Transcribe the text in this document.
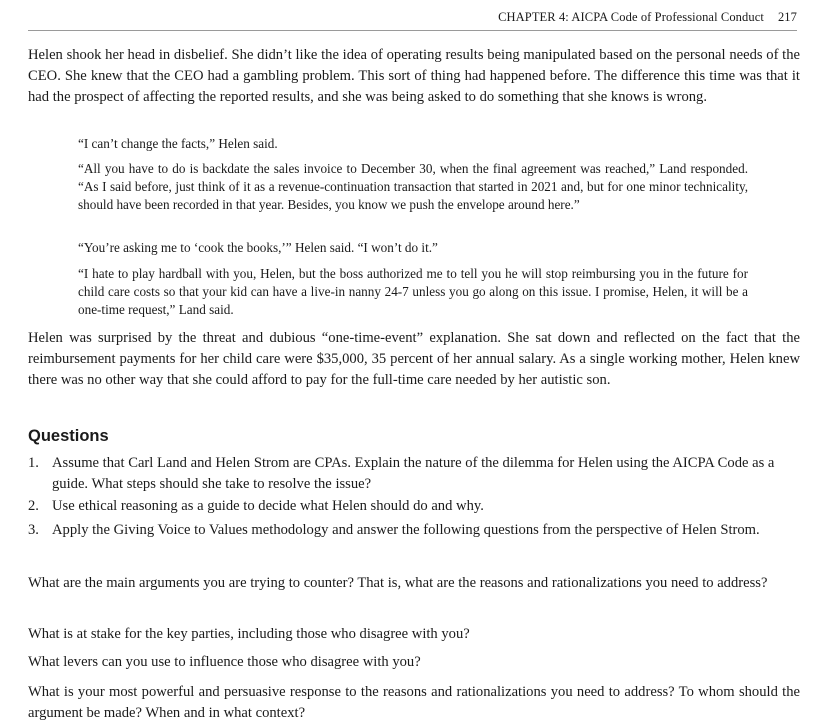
CHAPTER 4: AICPA Code of Professional Conduct 217

Helen shook her head in disbelief. She didn’t like the idea of operating results being manipulated based on the personal needs of the CEO. She knew that the CEO had a gambling problem. This sort of thing had happened before. The difference this time was that it had the prospect of affecting the reported results, and she was being asked to do something that she knows is wrong.

“I can’t change the facts,” Helen said.

“All you have to do is backdate the sales invoice to December 30, when the final agreement was reached,” Land responded. “As I said before, just think of it as a revenue-continuation transaction that started in 2021 and, but for one minor technicality, should have been recorded in that year. Besides, you know we push the envelope around here.”

“You’re asking me to ‘cook the books,’” Helen said. “I won’t do it.”

“I hate to play hardball with you, Helen, but the boss authorized me to tell you he will stop reimbursing you in the future for child care costs so that your kid can have a live-in nanny 24-7 unless you go along on this issue. I promise, Helen, it will be a one-time request,” Land said.

Helen was surprised by the threat and dubious “one-time-event” explanation. She sat down and reflected on the fact that the reimbursement payments for her child care were $35,000, 35 percent of her annual salary. As a single working mother, Helen knew there was no other way that she could afford to pay for the full-time care needed by her autistic son.

Questions
1. Assume that Carl Land and Helen Strom are CPAs. Explain the nature of the dilemma for Helen using the AICPA Code as a guide. What steps should she take to resolve the issue?
2. Use ethical reasoning as a guide to decide what Helen should do and why.
3. Apply the Giving Voice to Values methodology and answer the following questions from the perspective of Helen Strom.

What are the main arguments you are trying to counter? That is, what are the reasons and rationalizations you need to address?

What is at stake for the key parties, including those who disagree with you?

What levers can you use to influence those who disagree with you?

What is your most powerful and persuasive response to the reasons and rationalizations you need to address? To whom should the argument be made? When and in what context?
